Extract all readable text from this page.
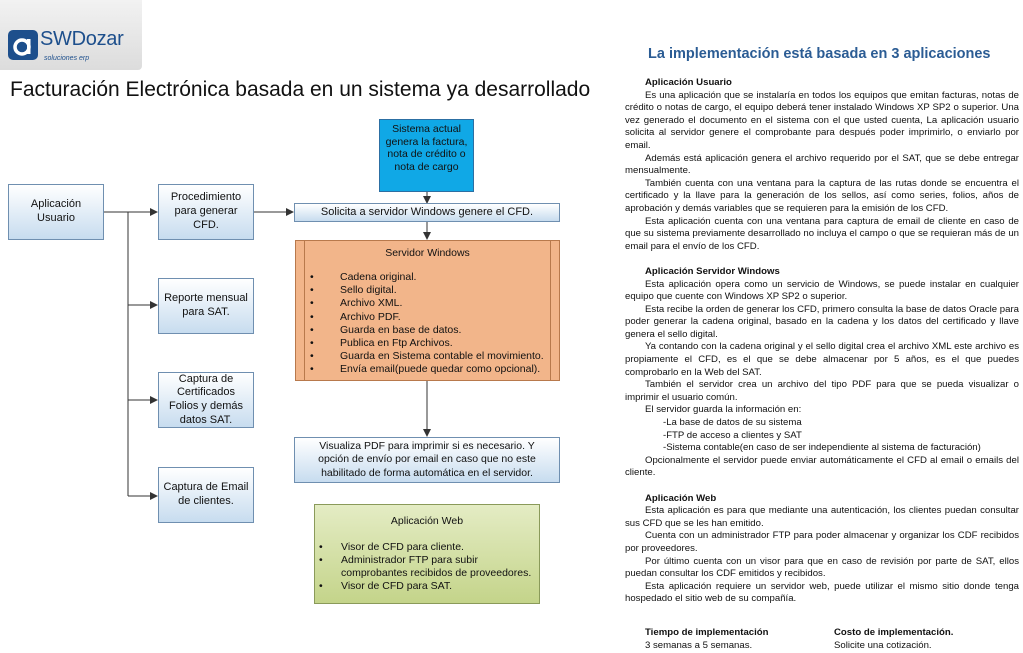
SWDozar
soluciones erp
Facturación Electrónica basada en un sistema ya desarrollado
Aplicación Usuario
Procedimiento para generar CFD.
Reporte mensual para SAT.
Captura de Certificados Folios y demás datos SAT.
Captura de Email de clientes.
Sistema actual genera la factura, nota de crédito o nota de cargo
Solicita a servidor Windows genere el CFD.
Servidor Windows
• Cadena original.
• Sello digital.
• Archivo XML.
• Archivo PDF.
• Guarda en base de datos.
• Publica en Ftp Archivos.
• Guarda en Sistema contable el movimiento.
• Envía email(puede quedar como opcional).
Visualiza PDF para imprimir si es necesario. Y opción de envío por email en caso que no este habilitado de forma automática en el servidor.
Aplicación Web
• Visor de CFD para cliente.
• Administrador FTP para subir comprobantes recibidos de proveedores.
• Visor de CFD para SAT.
La implementación está basada en 3 aplicaciones

Aplicación Usuario

Es una aplicación que se instalaría en todos los equipos que emitan facturas, notas de crédito o notas de cargo, el equipo deberá tener instalado Windows XP SP2 o superior. Una vez generado el documento en el sistema con el que usted cuenta, La aplicación usuario solicita al servidor genere el comprobante para después poder imprimirlo, o enviarlo por email.

Además está aplicación genera el archivo requerido por el SAT, que se debe entregar mensualmente.

También cuenta con una ventana para la captura de las rutas donde se encuentra el certificado y la llave para la generación de los sellos, así como series, folios, años de aprobación y demás variables que se requieren para la emisión de los CFD.

Esta aplicación cuenta con una ventana para captura de email de cliente en caso de que su sistema previamente desarrollado no incluya el campo o que se requieran más de un email para el envío de los CFD.

Aplicación Servidor Windows

Esta aplicación opera como un servicio de Windows, se puede instalar en cualquier equipo que cuente con Windows XP SP2 o superior.

Esta recibe la orden de generar los CFD, primero consulta la base de datos Oracle para poder generar la cadena original, basado en la cadena y los datos del certificado y llave genera el sello digital.

Ya contando con la cadena original y el sello digital crea el archivo XML este archivo es propiamente el CFD, es el que se debe almacenar por 5 años, es el que puedes comprobarlo en la Web del SAT.

También el servidor crea un archivo del tipo PDF para que se pueda visualizar o imprimir el usuario común.

El servidor guarda la información en:

-La base de datos de su sistema

-FTP de acceso a clientes y SAT

-Sistema contable(en caso de ser independiente al sistema de facturación)

Opcionalmente el servidor puede enviar automáticamente el CFD al email o emails del cliente.

Aplicación Web

Esta aplicación es para que mediante una autenticación, los clientes puedan consultar sus CFD que se les han emitido.

Cuenta con un administrador FTP para poder almacenar y organizar los CDF recibidos por proveedores.

Por último cuenta con un visor para que en caso de revisión por parte de SAT, ellos puedan consultar los CDF emitidos y recibidos.

Esta aplicación requiere un servidor web, puede utilizar el mismo sitio donde tenga hospedado el sitio web de su compañía.

Tiempo de implementación
3 semanas a 5 semanas.
Costo de implementación.
Solicite una cotización.
